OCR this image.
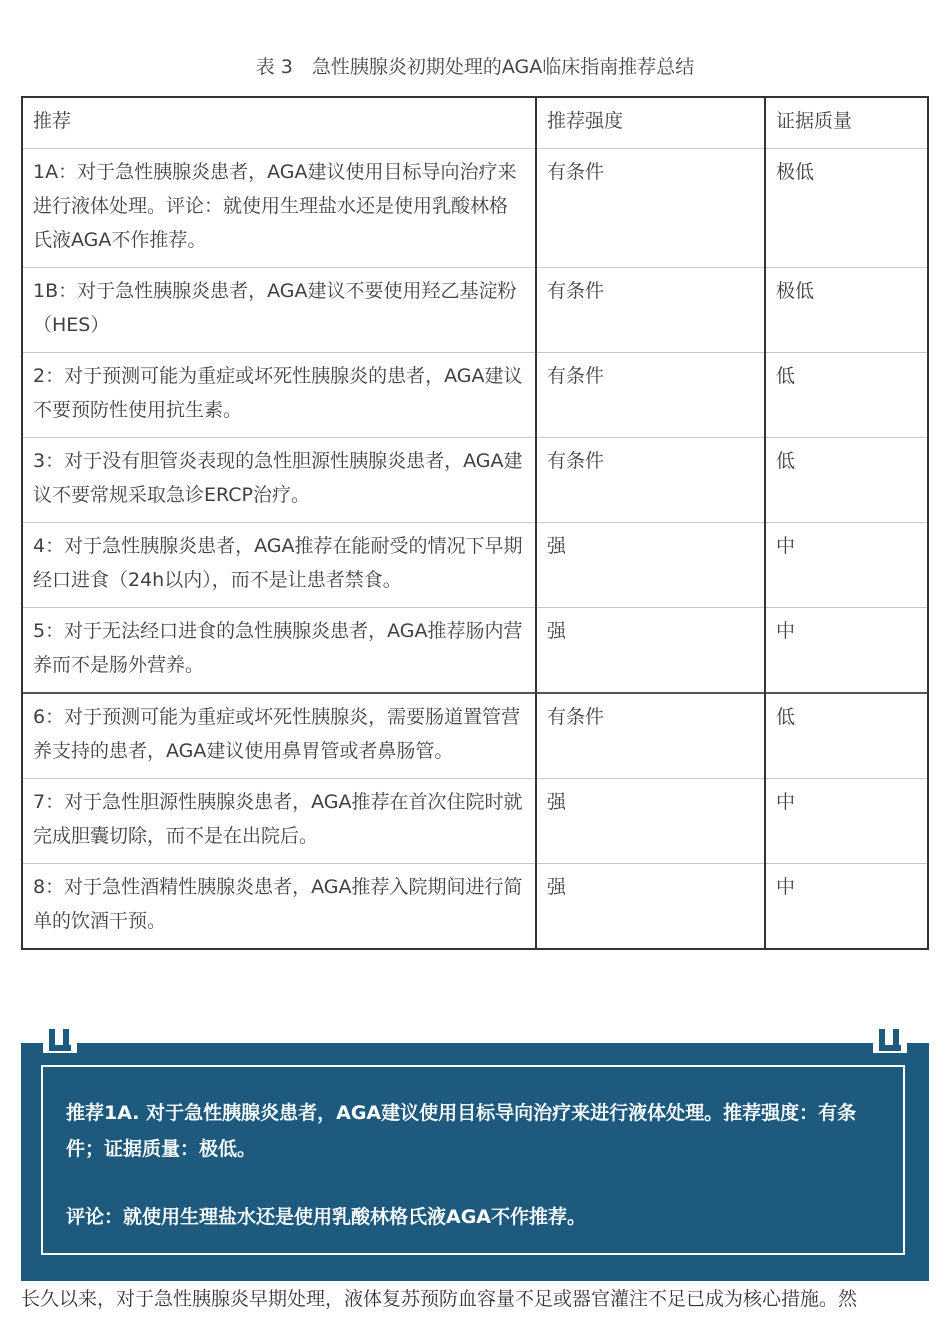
表 3　急性胰腺炎初期处理的AGA临床指南推荐总结
推荐	推荐强度	证据质量
1A：对于急性胰腺炎患者，AGA建议使用目标导向治疗来进行液体处理。评论：就使用生理盐水还是使用乳酸林格氏液AGA不作推荐。	有条件	极低
1B：对于急性胰腺炎患者，AGA建议不要使用羟乙基淀粉（HES）	有条件	极低
2：对于预测可能为重症或坏死性胰腺炎的患者，AGA建议不要预防性使用抗生素。	有条件	低
3：对于没有胆管炎表现的急性胆源性胰腺炎患者，AGA建议不要常规采取急诊ERCP治疗。	有条件	低
4：对于急性胰腺炎患者，AGA推荐在能耐受的情况下早期经口进食（24h以内），而不是让患者禁食。	强	中
5：对于无法经口进食的急性胰腺炎患者，AGA推荐肠内营养而不是肠外营养。	强	中
6：对于预测可能为重症或坏死性胰腺炎，需要肠道置管营养支持的患者，AGA建议使用鼻胃管或者鼻肠管。	有条件	低
7：对于急性胆源性胰腺炎患者，AGA推荐在首次住院时就完成胆囊切除，而不是在出院后。	强	中
8：对于急性酒精性胰腺炎患者，AGA推荐入院期间进行简单的饮酒干预。	强	中

推荐1A. 对于急性胰腺炎患者，AGA建议使用目标导向治疗来进行液体处理。推荐强度：有条件；证据质量：极低。

评论：就使用生理盐水还是使用乳酸林格氏液AGA不作推荐。

长久以来，对于急性胰腺炎早期处理，液体复苏预防血容量不足或器官灌注不足已成为核心措施。然
